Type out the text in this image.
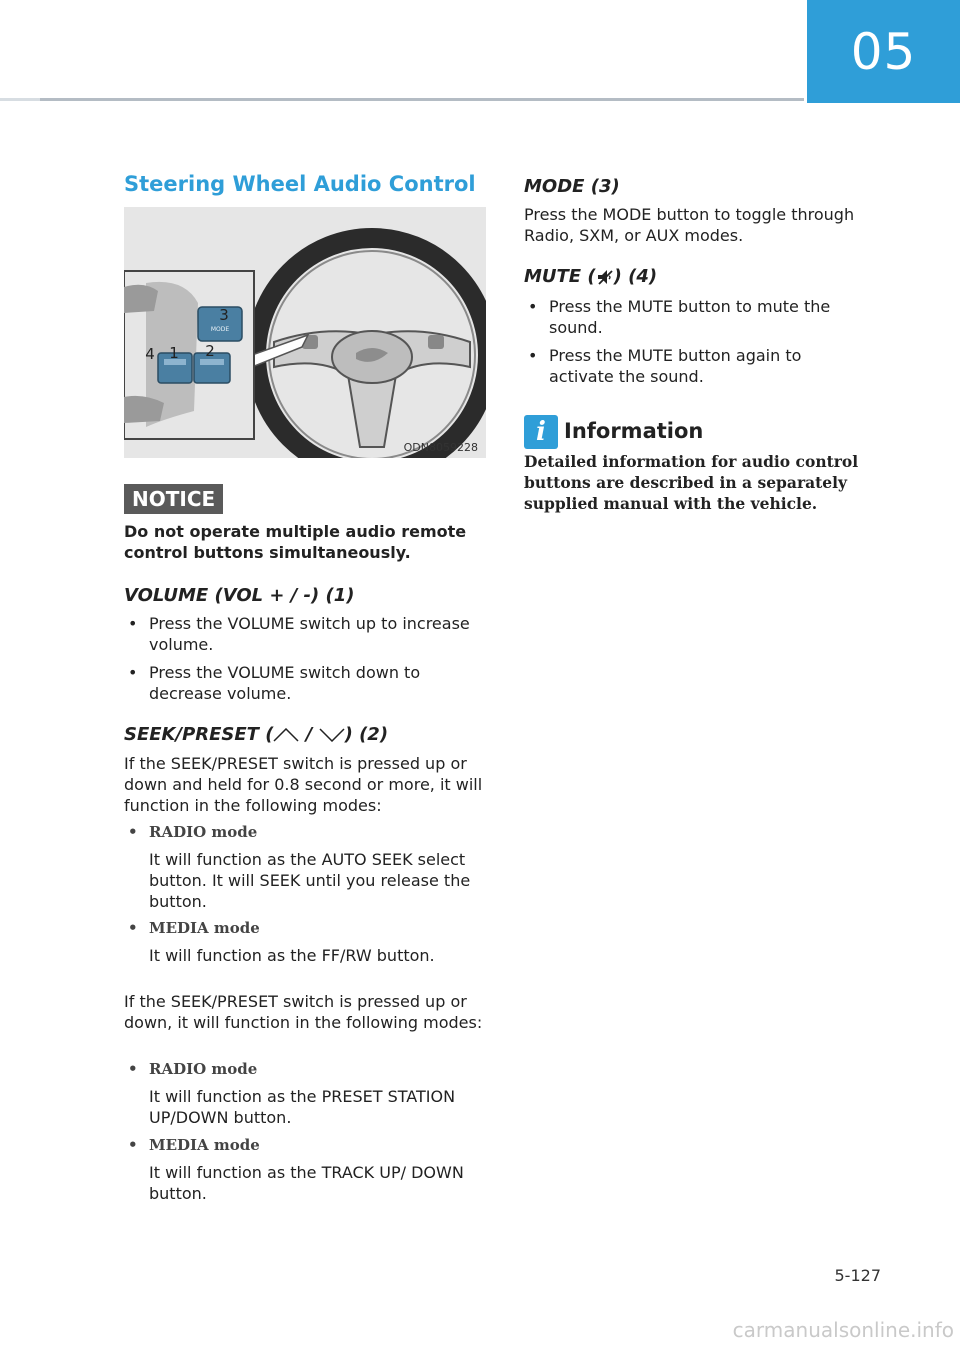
05
Steering Wheel Audio Control
MODE
3
4 1 2
ODN8059228
NOTICE
Do not operate multiple audio remote control buttons simultaneously.
VOLUME (VOL + / -) (1)
• Press the VOLUME switch up to increase volume.
• Press the VOLUME switch down to decrease volume.
SEEK/PRESET ( / ) (2)
If the SEEK/PRESET switch is pressed up or down and held for 0.8 second or more, it will function in the following modes:
• RADIO mode
It will function as the AUTO SEEK select button. It will SEEK until you release the button.
• MEDIA mode
It will function as the FF/RW button.
If the SEEK/PRESET switch is pressed up or down, it will function in the following modes:
• RADIO mode
It will function as the PRESET STATION UP/DOWN button.
• MEDIA mode
It will function as the TRACK UP/ DOWN button.
MODE (3)
Press the MODE button to toggle through Radio, SXM, or AUX modes.
MUTE ( ) (4)
• Press the MUTE button to mute the sound.
• Press the MUTE button again to activate the sound.
i Information
Detailed information for audio control buttons are described in a separately supplied manual with the vehicle.
5-127
carmanualsonline.info
